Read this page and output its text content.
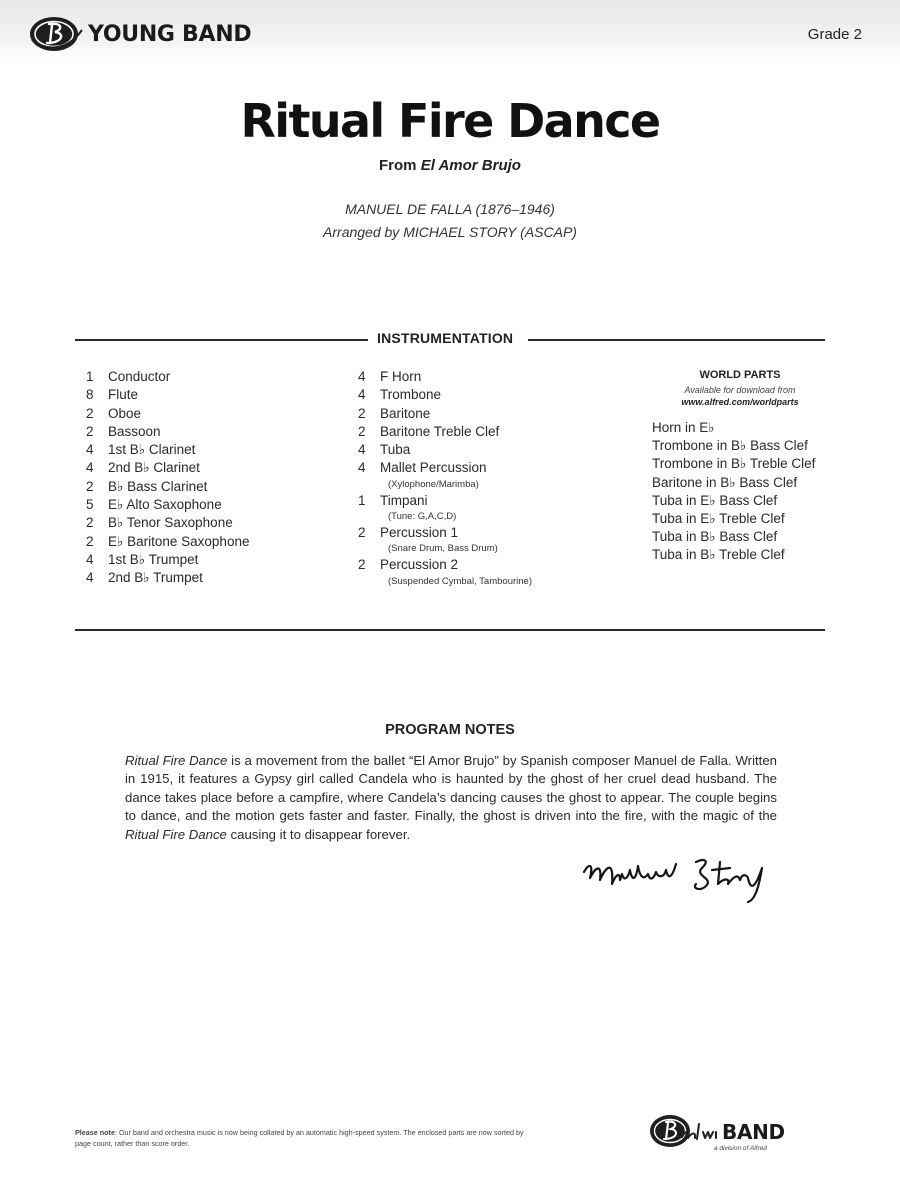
YOUNG BAND	Grade 2
Ritual Fire Dance
From El Amor Brujo
MANUEL DE FALLA (1876–1946)
Arranged by MICHAEL STORY (ASCAP)
INSTRUMENTATION
1	Conductor
8	Flute
2	Oboe
2	Bassoon
4	1st B♭ Clarinet
4	2nd B♭ Clarinet
2	B♭ Bass Clarinet
5	E♭ Alto Saxophone
2	B♭ Tenor Saxophone
2	E♭ Baritone Saxophone
4	1st B♭ Trumpet
4	2nd B♭ Trumpet
4	F Horn
4	Trombone
2	Baritone
2	Baritone Treble Clef
4	Tuba
4	Mallet Percussion
(Xylophone/Marimba)
1	Timpani
(Tune: G,A,C,D)
2	Percussion 1
(Snare Drum, Bass Drum)
2	Percussion 2
(Suspended Cymbal, Tambourine)
WORLD PARTS
Available for download from
www.alfred.com/worldparts
Horn in E♭
Trombone in B♭ Bass Clef
Trombone in B♭ Treble Clef
Baritone in B♭ Bass Clef
Tuba in E♭ Bass Clef
Tuba in E♭ Treble Clef
Tuba in B♭ Bass Clef
Tuba in B♭ Treble Clef
PROGRAM NOTES

Ritual Fire Dance is a movement from the ballet “El Amor Brujo” by Spanish composer Manuel de Falla. Written in 1915, it features a Gypsy girl called Candela who is haunted by the ghost of her cruel dead husband. The dance takes place before a campfire, where Candela’s dancing causes the ghost to appear. The couple begins to dance, and the motion gets faster and faster. Finally, the ghost is driven into the fire, with the magic of the Ritual Fire Dance causing it to disappear forever.

Please note: Our band and orchestra music is now being collated by an automatic high-speed system. The enclosed parts are now sorted by page count, rather than score order.	BAND
a division of Alfred
